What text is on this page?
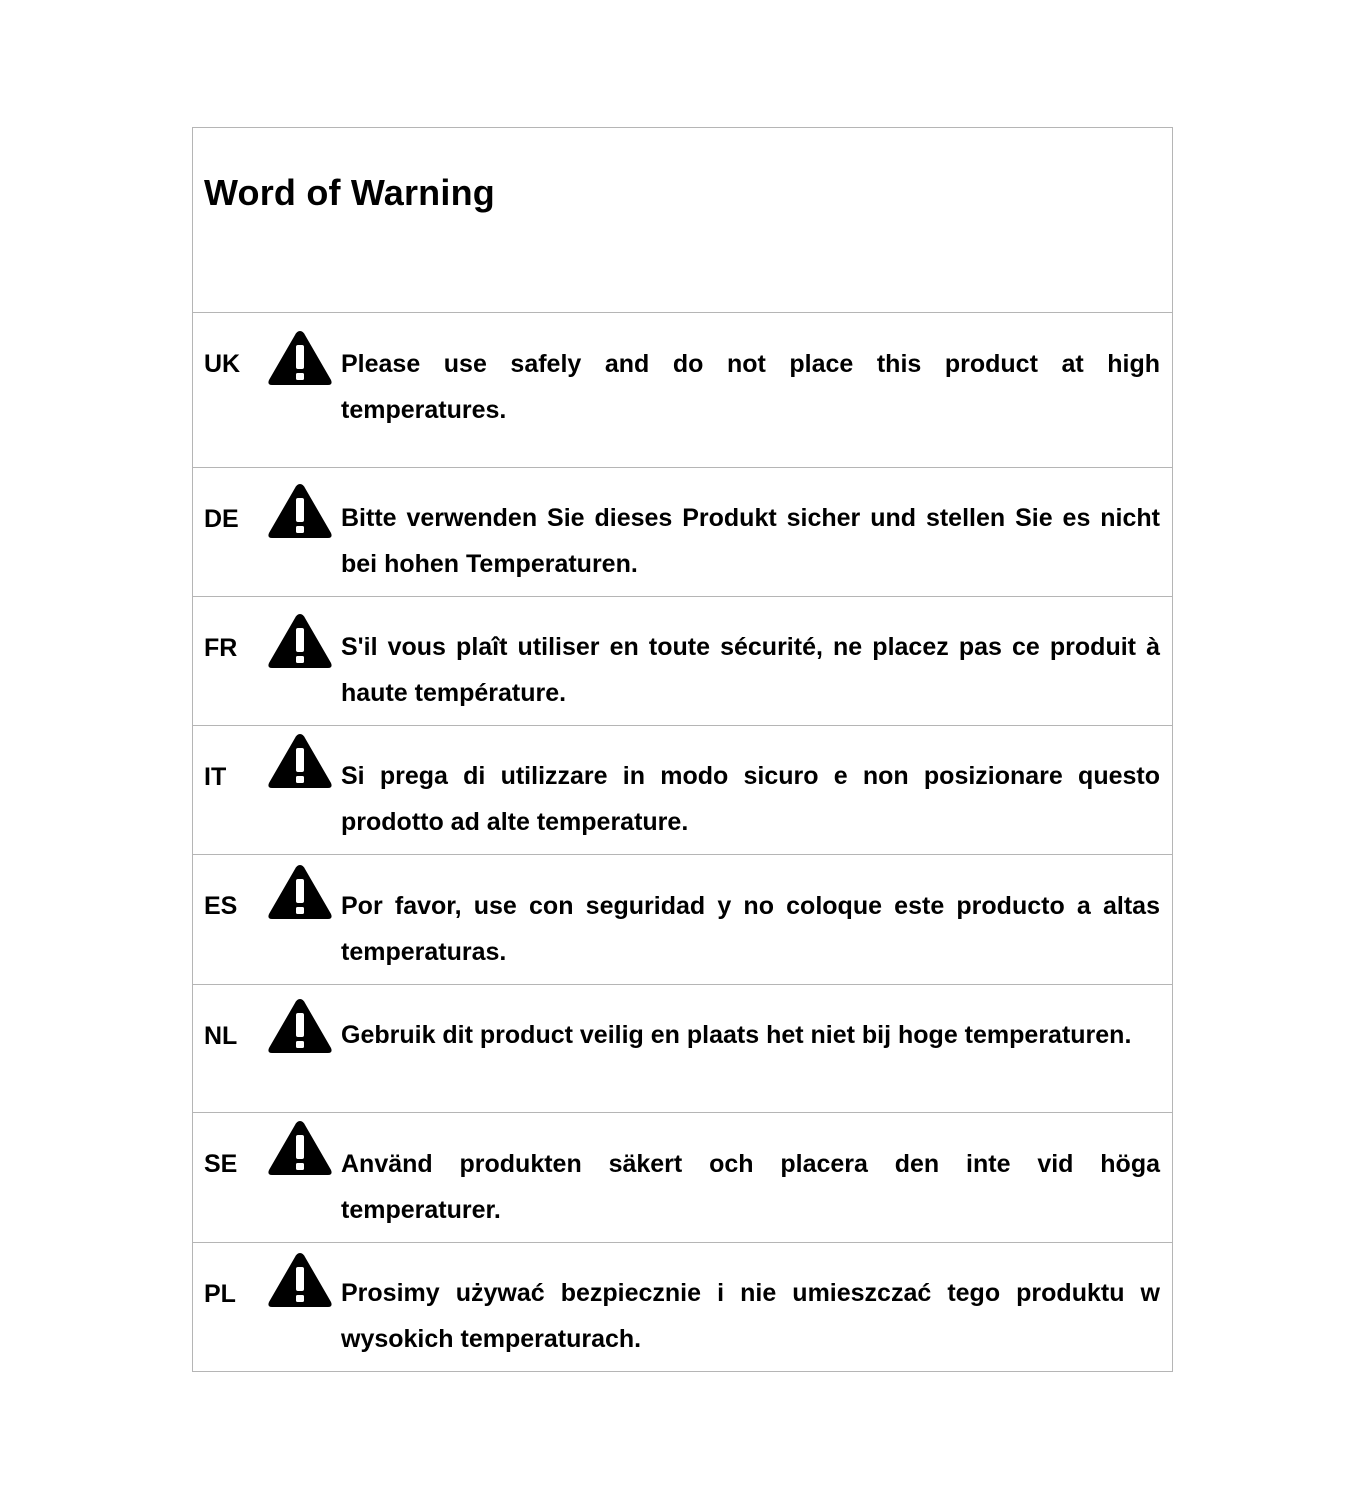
Word of Warning
UK	Please use safely and do not place this product at high temperatures.
DE	Bitte verwenden Sie dieses Produkt sicher und stellen Sie es nicht bei hohen Temperaturen.
FR	S'il vous plaît utiliser en toute sécurité, ne placez pas ce produit à haute température.
IT	Si prega di utilizzare in modo sicuro e non posizionare questo prodotto ad alte temperature.
ES	Por favor, use con seguridad y no coloque este producto a altas temperaturas.
NL	Gebruik dit product veilig en plaats het niet bij hoge temperaturen.
SE	Använd produkten säkert och placera den inte vid höga temperaturer.
PL	Prosimy używać bezpiecznie i nie umieszczać tego produktu w wysokich temperaturach.
